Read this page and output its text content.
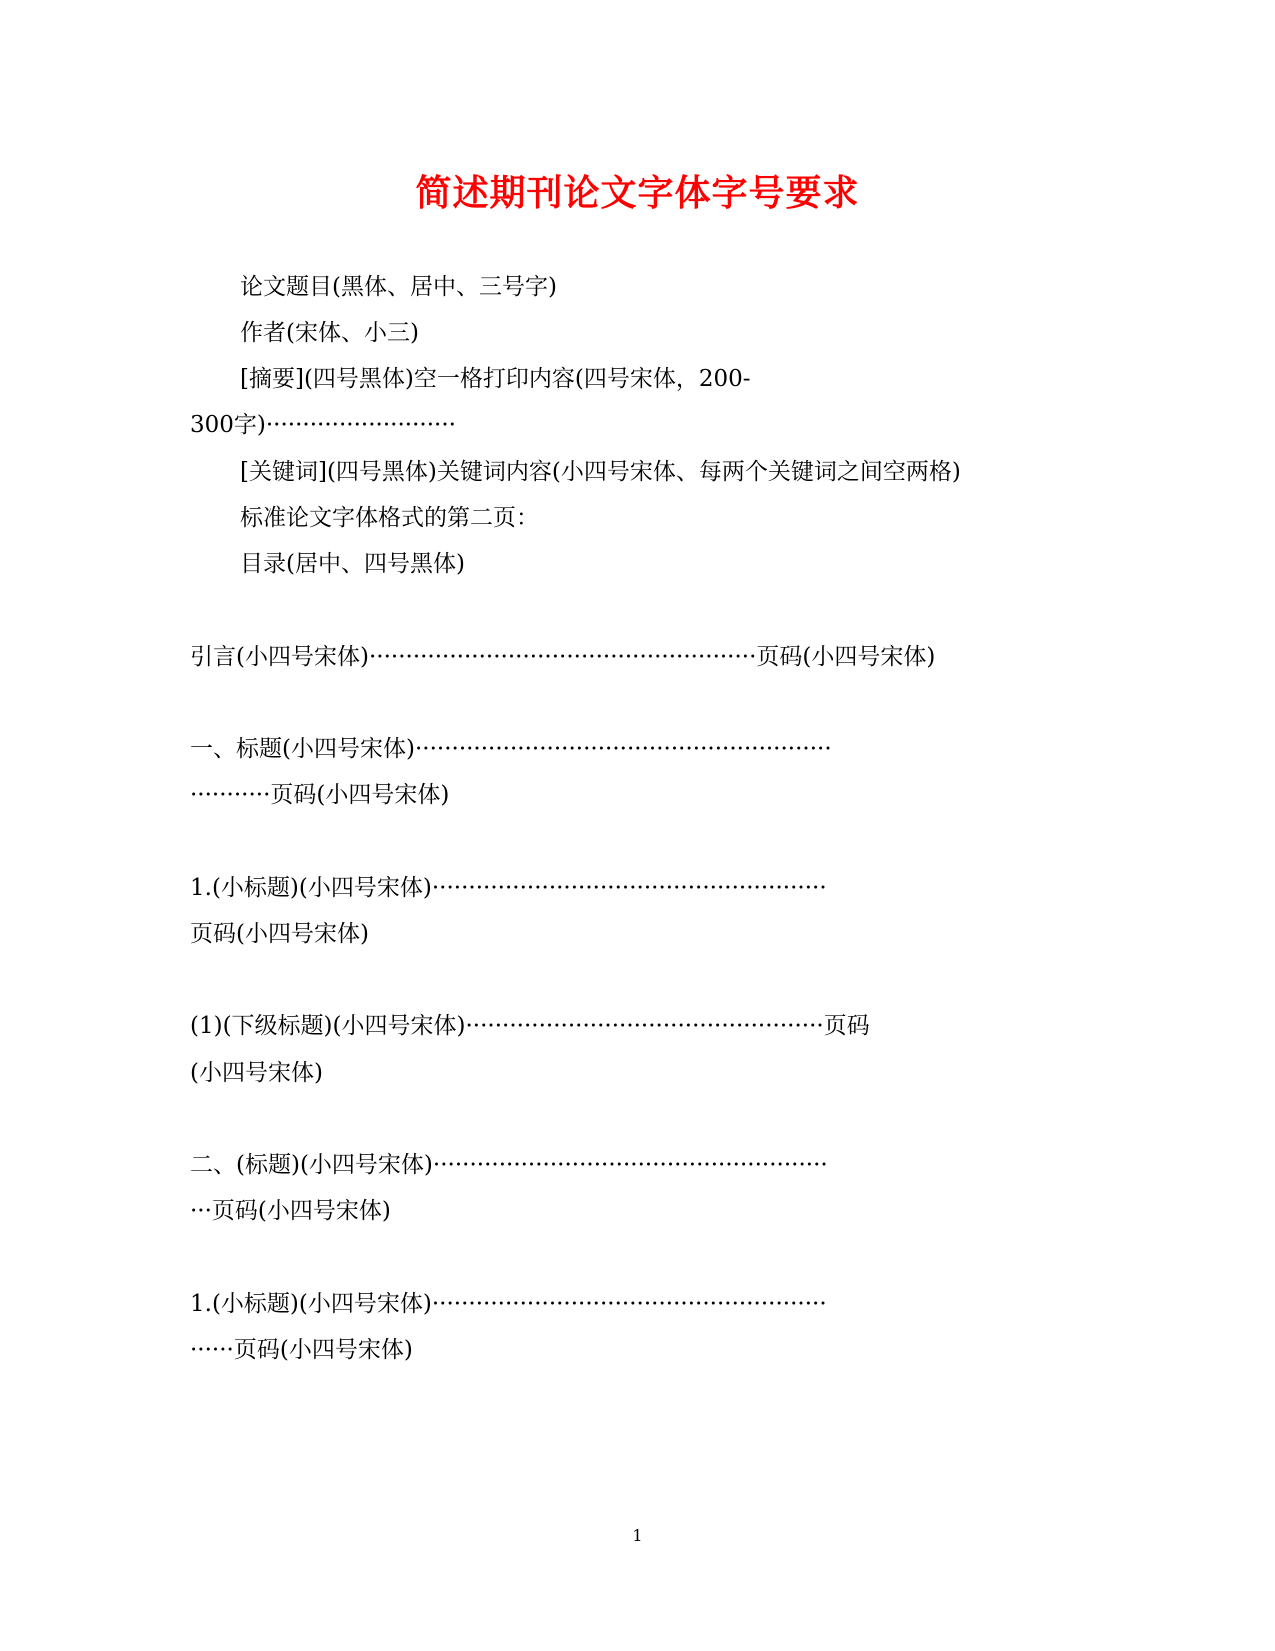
简述期刊论文字体字号要求
论文题目(黑体、居中、三号字)
作者(宋体、小三)
[摘要](四号黑体)空一格打印内容(四号宋体，200-
300字)··························
[关键词](四号黑体)关键词内容(小四号宋体、每两个关键词之间空两格)
标准论文字体格式的第二页：
目录(居中、四号黑体)
引言(小四号宋体)·····················································页码(小四号宋体)
一、标题(小四号宋体)·························································
···········页码(小四号宋体)
1.(小标题)(小四号宋体)······················································
页码(小四号宋体)
(1)(下级标题)(小四号宋体)·················································页码
(小四号宋体)
二、(标题)(小四号宋体)······················································
···页码(小四号宋体)
1.(小标题)(小四号宋体)······················································
······页码(小四号宋体)
1
